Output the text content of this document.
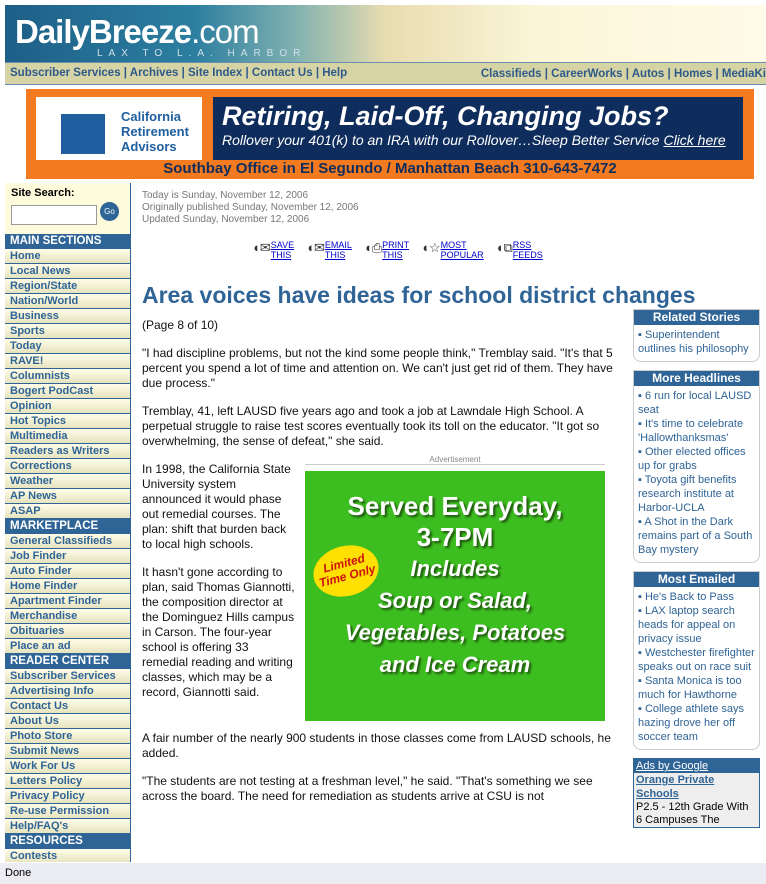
DailyBreeze.com
LAX TO L.A. HARBOR
Subscriber Services | Archives | Site Index | Contact Us | Help	Classifieds | CareerWorks | Autos | Homes | MediaKi
California
Retirement
Advisors
Retiring, Laid-Off, Changing Jobs?
Rollover your 401(k) to an IRA with our Rollover…Sleep Better Service Click here
Southbay Office in El Segundo / Manhattan Beach 310-643-7472
Site Search:
Go
MAIN SECTIONS
Home
Local News
Region/State
Nation/World
Business
Sports
Today
RAVE!
Columnists
Bogert PodCast
Opinion
Hot Topics
Multimedia
Readers as Writers
Corrections
Weather
AP News
ASAP
MARKETPLACE
General Classifieds
Job Finder
Auto Finder
Home Finder
Apartment Finder
Merchandise
Obituaries
Place an ad
READER CENTER
Subscriber Services
Advertising Info
Contact Us
About Us
Photo Store
Submit News
Work For Us
Letters Policy
Privacy Policy
Re-use Permission
Help/FAQ's
RESOURCES
Contests
Today is Sunday, November 12, 2006
Originally published Sunday, November 12, 2006
Updated Sunday, November 12, 2006
◖✉SAVE
THIS ◖✉EMAIL
THIS ◖⎙PRINT
THIS ◖☆MOST
POPULAR ◖⧉RSS
FEEDS
Area voices have ideas for school district changes

(Page 8 of 10)

"I had discipline problems, but not the kind some people think," Tremblay said. "It's that 5 percent you spend a lot of time and attention on. We can't just get rid of them. They have due process."

Tremblay, 41, left LAUSD five years ago and took a job at Lawndale High School. A perpetual struggle to raise test scores eventually took its toll on the educator. "It got so overwhelming, the sense of defeat," she said.

Advertisement
Limited Time Only
Served Everyday,
3-7PM
Includes
Soup or Salad,
Vegetables, Potatoes
and Ice Cream

In 1998, the California State University system announced it would phase out remedial courses. The plan: shift that burden back to local high schools.

It hasn't gone according to plan, said Thomas Giannotti, the composition director at the Dominguez Hills campus in Carson. The four-year school is offering 33 remedial reading and writing classes, which may be a record, Giannotti said.

A fair number of the nearly 900 students in those classes come from LAUSD schools, he added.

"The students are not testing at a freshman level," he said. "That's something we see across the board. The need for remediation as students arrive at CSU is not

Related Stories
▪ Superintendent outlines his philosophy
More Headlines
▪ 6 run for local LAUSD seat
▪ It's time to celebrate 'Hallowthanksmas'
▪ Other elected offices up for grabs
▪ Toyota gift benefits research institute at Harbor-UCLA
▪ A Shot in the Dark remains part of a South Bay mystery
Most Emailed
▪ He's Back to Pass
▪ LAX laptop search heads for appeal on privacy issue
▪ Westchester firefighter speaks out on race suit
▪ Santa Monica is too much for Hawthorne
▪ College athlete says hazing drove her off soccer team
Ads by Google
Orange Private Schools
P2.5 - 12th Grade With 6 Campuses The
Done
